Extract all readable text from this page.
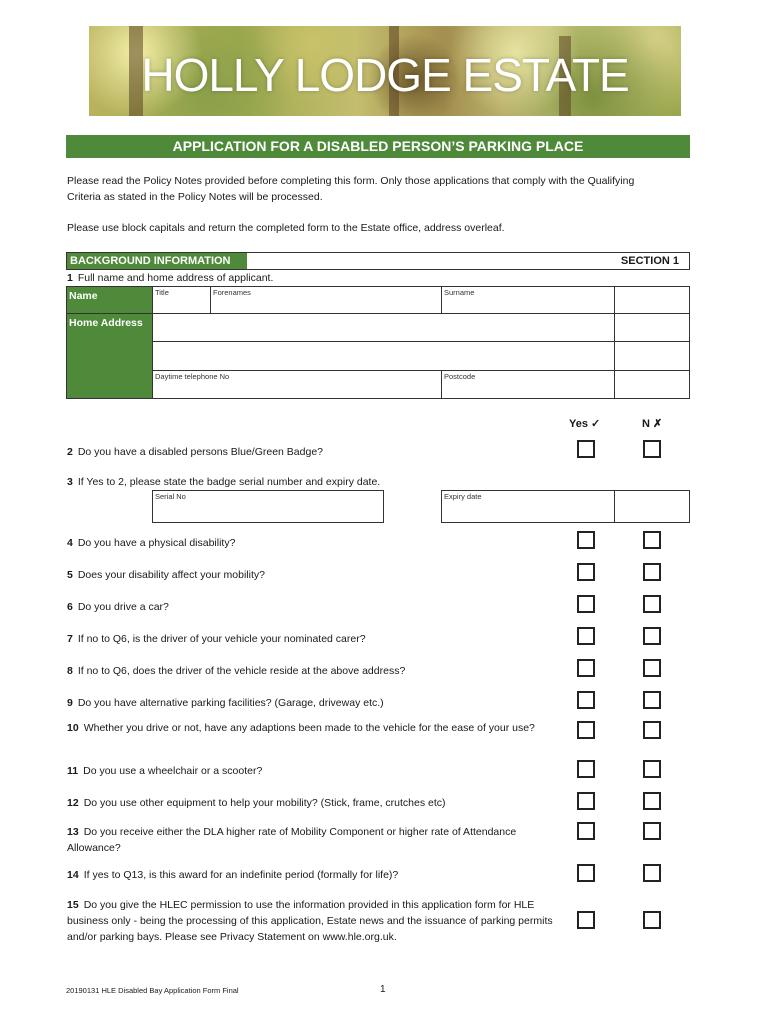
HOLLY LODGE ESTATE
APPLICATION FOR A DISABLED PERSON’S PARKING PLACE
Please read the Policy Notes provided before completing this form. Only those applications that comply with the Qualifying Criteria as stated in the Policy Notes will be processed.
Please use block capitals and return the completed form to the Estate office, address overleaf.
BACKGROUND INFORMATION	SECTION 1
1 Full name and home address of applicant.
Name	Title	Forenames	Surname
Home Address
Daytime telephone No	Postcode
Yes ✓	N ✗
2 Do you have a disabled persons Blue/Green Badge?
3 If Yes to 2, please state the badge serial number and expiry date.
Serial No	Expiry date
4 Do you have a physical disability?
5 Does your disability affect your mobility?
6 Do you drive a car?
7 If no to Q6, is the driver of your vehicle your nominated carer?
8 If no to Q6, does the driver of the vehicle reside at the above address?
9 Do you have alternative parking facilities? (Garage, driveway etc.)
10 Whether you drive or not, have any adaptions been made to the vehicle for the ease of your use?
11 Do you use a wheelchair or a scooter?
12 Do you use other equipment to help your mobility? (Stick, frame, crutches etc)
13 Do you receive either the DLA higher rate of Mobility Component or higher rate of Attendance Allowance?
14 If yes to Q13, is this award for an indefinite period (formally for life)?
15 Do you give the HLEC permission to use the information provided in this application form for HLE business only - being the processing of this application, Estate news and the issuance of parking permits and/or parking bays. Please see Privacy Statement on www.hle.org.uk.
20190131 HLE Disabled Bay Application Form Final	1
